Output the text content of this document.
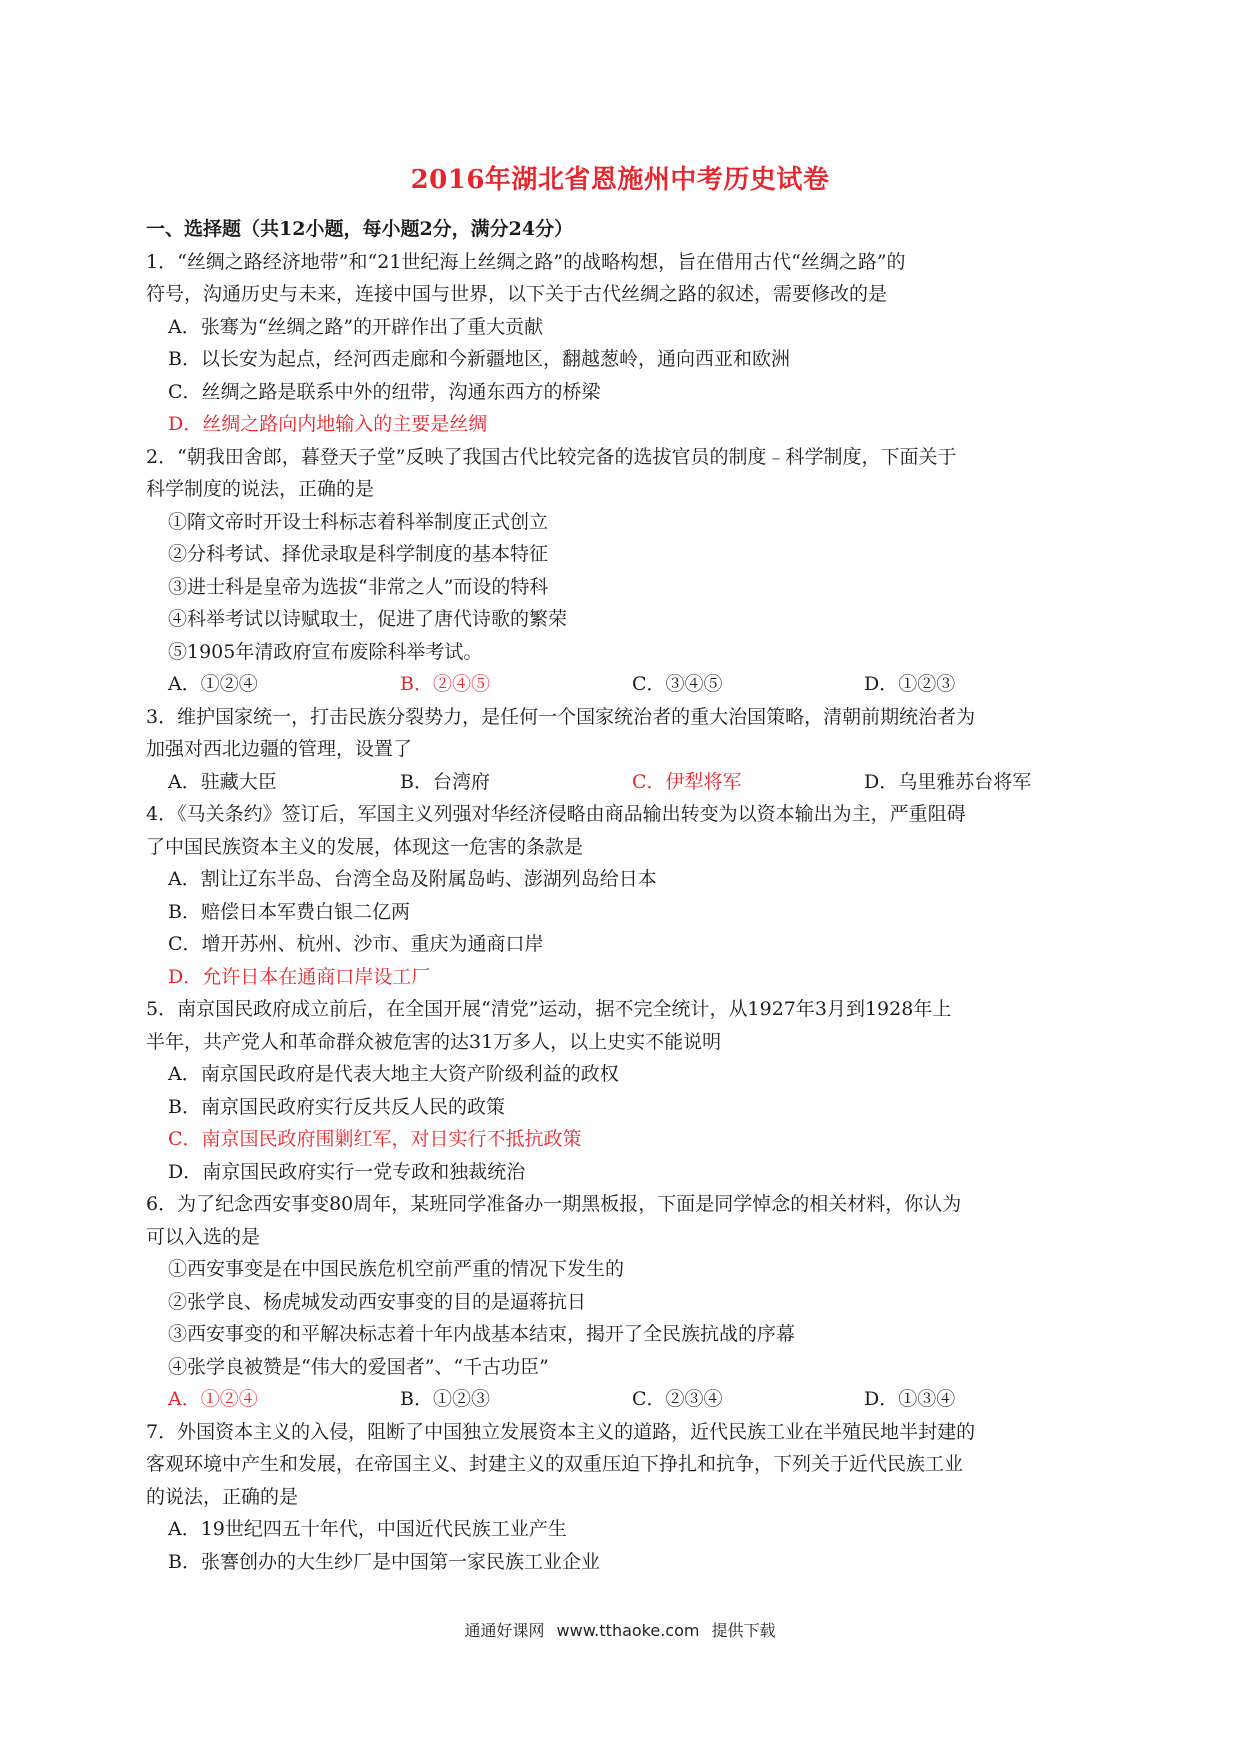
2016年湖北省恩施州中考历史试卷
一、选择题（共12小题，每小题2分，满分24分）
1．“丝绸之路经济地带”和“21世纪海上丝绸之路”的战略构想，旨在借用古代“丝绸之路”的
符号，沟通历史与未来，连接中国与世界，以下关于古代丝绸之路的叙述，需要修改的是
A．张骞为“丝绸之路”的开辟作出了重大贡献
B．以长安为起点，经河西走廊和今新疆地区，翻越葱岭，通向西亚和欧洲
C．丝绸之路是联系中外的纽带，沟通东西方的桥梁
D．丝绸之路向内地输入的主要是丝绸
2．“朝我田舍郎，暮登天子堂”反映了我国古代比较完备的选拔官员的制度﹣科学制度，下面关于
科学制度的说法，正确的是
①隋文帝时开设士科标志着科举制度正式创立
②分科考试、择优录取是科学制度的基本特征
③进士科是皇帝为选拔“非常之人”而设的特科
④科举考试以诗赋取士，促进了唐代诗歌的繁荣
⑤1905年清政府宣布废除科举考试。
A．①②④	B．②④⑤	C．③④⑤	D．①②③
3．维护国家统一，打击民族分裂势力，是任何一个国家统治者的重大治国策略，清朝前期统治者为
加强对西北边疆的管理，设置了
A．驻藏大臣	B．台湾府	C．伊犁将军	D．乌里雅苏台将军
4．《马关条约》签订后，军国主义列强对华经济侵略由商品输出转变为以资本输出为主，严重阻碍
了中国民族资本主义的发展，体现这一危害的条款是
A．割让辽东半岛、台湾全岛及附属岛屿、澎湖列岛给日本
B．赔偿日本军费白银二亿两
C．增开苏州、杭州、沙市、重庆为通商口岸
D．允许日本在通商口岸设工厂
5．南京国民政府成立前后，在全国开展“清党”运动，据不完全统计，从1927年3月到1928年上
半年，共产党人和革命群众被危害的达31万多人，以上史实不能说明
A．南京国民政府是代表大地主大资产阶级利益的政权
B．南京国民政府实行反共反人民的政策
C．南京国民政府围剿红军，对日实行不抵抗政策
D．南京国民政府实行一党专政和独裁统治
6．为了纪念西安事变80周年，某班同学准备办一期黑板报，下面是同学悼念的相关材料，你认为
可以入选的是
①西安事变是在中国民族危机空前严重的情况下发生的
②张学良、杨虎城发动西安事变的目的是逼蒋抗日
③西安事变的和平解决标志着十年内战基本结束，揭开了全民族抗战的序幕
④张学良被赞是“伟大的爱国者”、“千古功臣”
A．①②④	B．①②③	C．②③④	D．①③④
7．外国资本主义的入侵，阻断了中国独立发展资本主义的道路，近代民族工业在半殖民地半封建的
客观环境中产生和发展，在帝国主义、封建主义的双重压迫下挣扎和抗争，下列关于近代民族工业
的说法，正确的是
A．19世纪四五十年代，中国近代民族工业产生
B．张謇创办的大生纱厂是中国第一家民族工业企业
通通好课网 www.tthaoke.com 提供下载
